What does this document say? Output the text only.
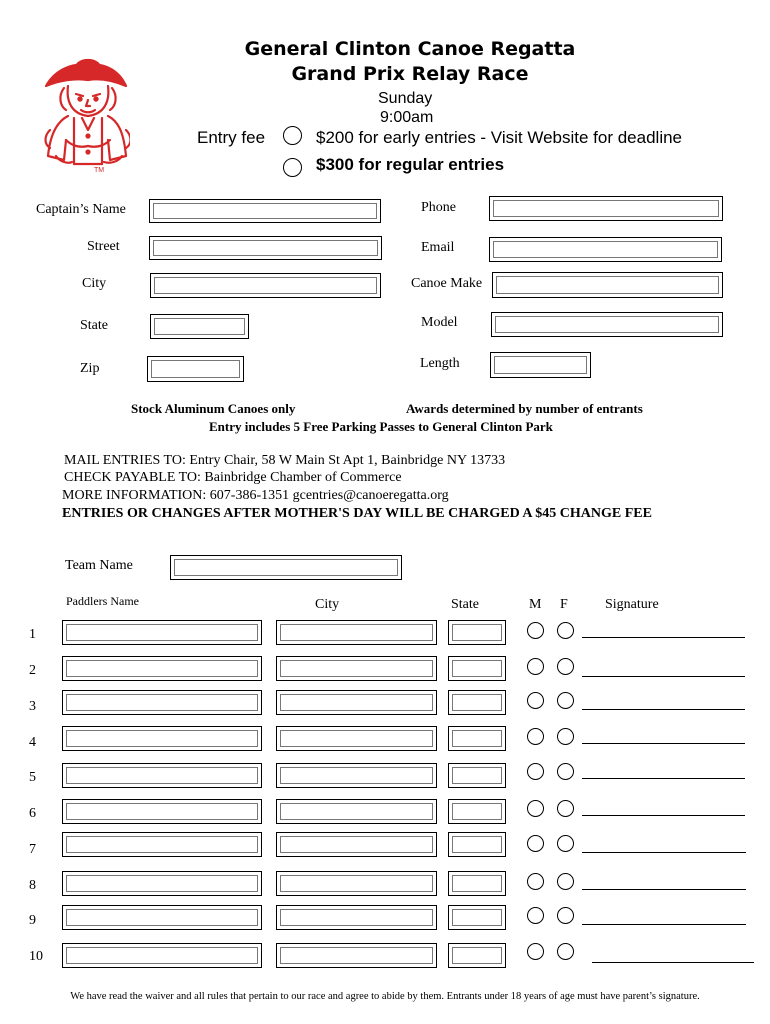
TM
General Clinton Canoe Regatta
Grand Prix Relay Race
Sunday
9:00am
Entry fee	$200 for early entries - Visit Website for deadline
$300 for regular entries
Captain’s Name
Street
City
State
Zip
Phone
Email
Canoe Make
Model
Length
Stock Aluminum Canoes only	Awards determined by number of entrants
Entry includes 5 Free Parking Passes to General Clinton Park
MAIL ENTRIES TO: Entry Chair, 58 W Main St Apt 1, Bainbridge NY 13733
CHECK PAYABLE TO: Bainbridge Chamber of Commerce
MORE INFORMATION: 607-386-1351 gcentries@canoeregatta.org
ENTRIES OR CHANGES AFTER MOTHER'S DAY WILL BE CHARGED A $45 CHANGE FEE
Team Name
Paddlers Name	City	State	M F	Signature
1
2
3
4
5
6
7
8
9
10
We have read the waiver and all rules that pertain to our race and agree to abide by them. Entrants under 18 years of age must have parent’s signature.
